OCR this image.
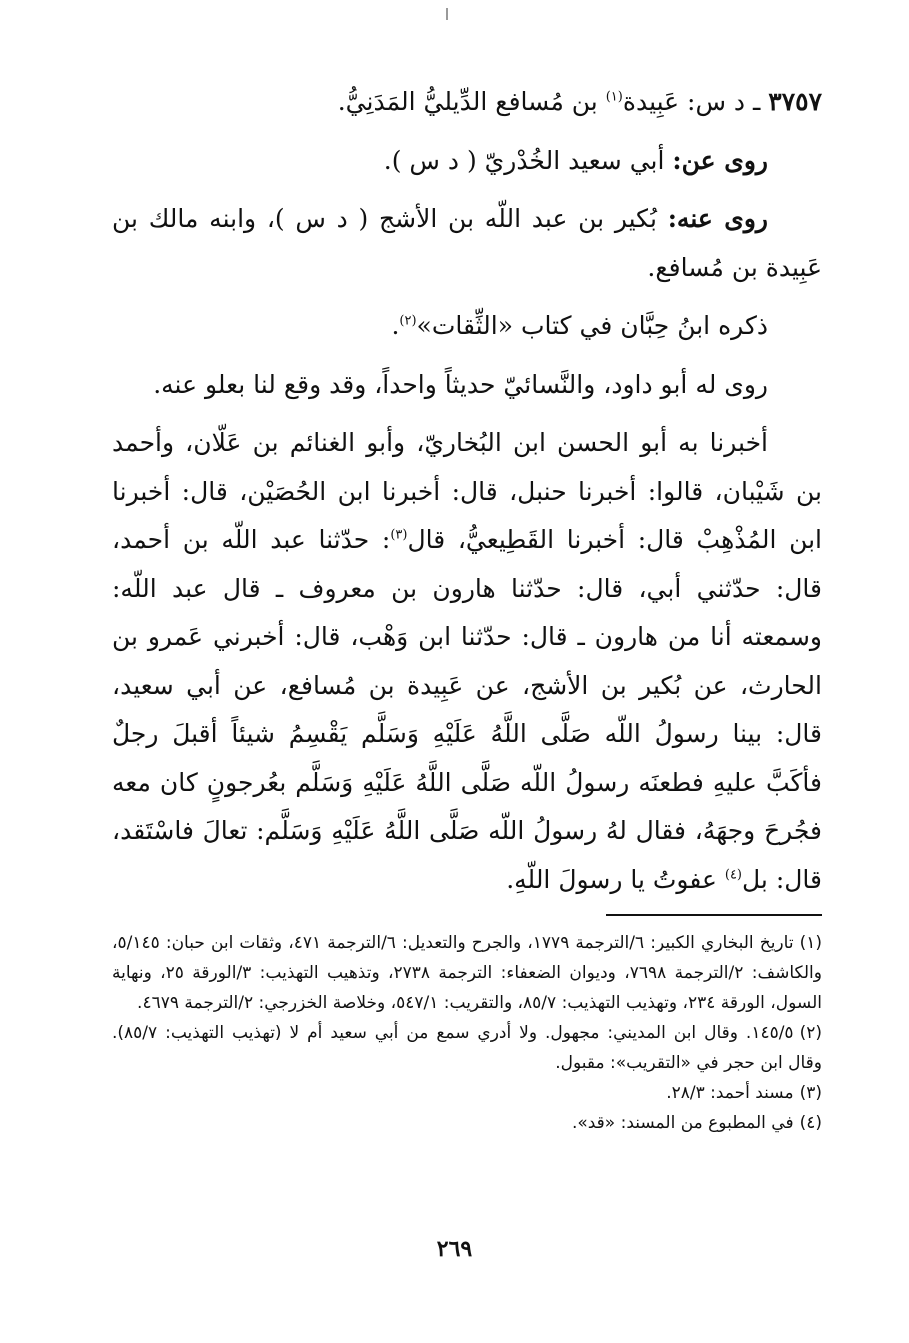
٣٧٥٧ ـ د س: عَبِيدة$^{(١)}$ بن مُسافع الدِّيليُّ المَدَنِيُّ.

روى عن: أبي سعيد الخُدْريّ ( د س ).

روى عنه: بُكير بن عبد اللّه بن الأشج ( د س )، وابنه مالك بن عَبِيدة بن مُسافع.

ذكره ابنُ حِبَّان في كتاب «الثِّقات»$^{(٢)}$.

روى له أبو داود، والنَّسائيّ حديثاً واحداً، وقد وقع لنا بعلو عنه.

أخبرنا به أبو الحسن ابن البُخاريّ، وأبو الغنائم بن عَلّان، وأحمد بن شَيْبان، قالوا: أخبرنا حنبل، قال: أخبرنا ابن الحُصَيْن، قال: أخبرنا ابن المُذْهِبْ قال: أخبرنا القَطِيعيُّ، قال$^{(٣)}$: حدّثنا عبد اللّه بن أحمد، قال: حدّثني أبي، قال: حدّثنا هارون بن معروف ـ قال عبد اللّه: وسمعته أنا من هارون ـ قال: حدّثنا ابن وَهْب، قال: أخبرني عَمرو بن الحارث، عن بُكير بن الأشج، عن عَبِيدة بن مُسافع، عن أبي سعيد، قال: بينا رسولُ اللّه صَلَّى اللَّهُ عَلَيْهِ وَسَلَّم يَقْسِمُ شيئاً أقبلَ رجلٌ فأكَبَّ عليهِ فطعنَه رسولُ اللّه صَلَّى اللَّهُ عَلَيْهِ وَسَلَّم بعُرجونٍ كان معه فجُرحَ وجهَهُ، فقال لهُ رسولُ اللّه صَلَّى اللَّهُ عَلَيْهِ وَسَلَّم: تعالَ فاسْتَقد، قال: بل$^{(٤)}$ عفوتُ يا رسولَ اللّهِ.

(١)تاريخ البخاري الكبير: ٦/الترجمة ١٧٧٩، والجرح والتعديل: ٦/الترجمة ٤٧١، وثقات ابن حبان: ٥/١٤٥، والكاشف: ٢/الترجمة ٧٦٩٨، وديوان الضعفاء: الترجمة ٢٧٣٨، وتذهيب التهذيب: ٣/الورقة ٢٥، ونهاية السول، الورقة ٢٣٤، وتهذيب التهذيب: ٨٥/٧، والتقريب: ٥٤٧/١، وخلاصة الخزرجي: ٢/الترجمة ٤٦٧٩.

(٢)١٤٥/٥. وقال ابن المديني: مجهول. ولا أدري سمع من أبي سعيد أم لا (تهذيب التهذيب: ٨٥/٧). وقال ابن حجر في «التقريب»: مقبول.

(٣)مسند أحمد: ٢٨/٣.

(٤)في المطبوع من المسند: «قد».

٢٦٩
